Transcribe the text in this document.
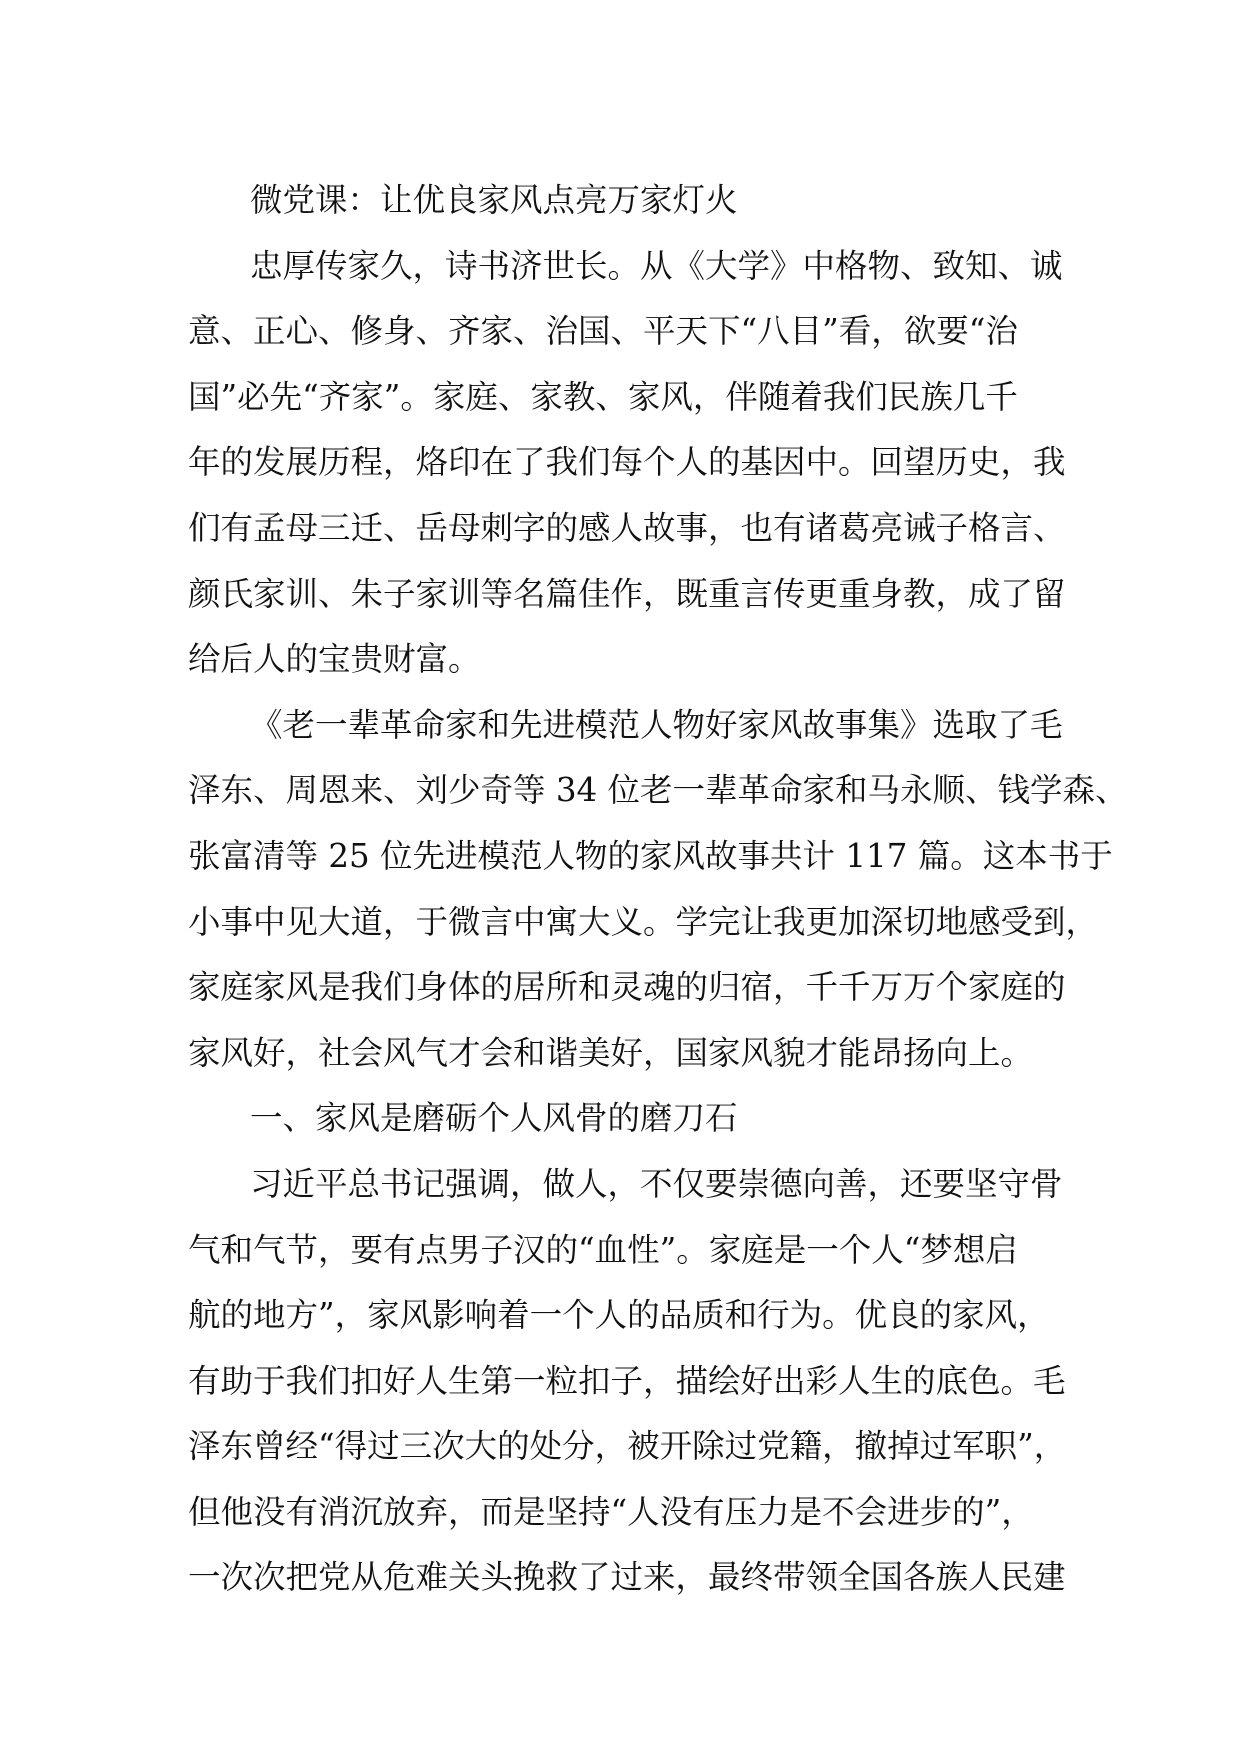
微党课：让优良家风点亮万家灯火
忠厚传家久，诗书济世长。从《大学》中格物、致知、诚
意、正心、修身、齐家、治国、平天下“八目”看，欲要“治
国”必先“齐家”。家庭、家教、家风，伴随着我们民族几千
年的发展历程，烙印在了我们每个人的基因中。回望历史，我
们有孟母三迁、岳母刺字的感人故事，也有诸葛亮诫子格言、
颜氏家训、朱子家训等名篇佳作，既重言传更重身教，成了留
给后人的宝贵财富。
《老一辈革命家和先进模范人物好家风故事集》选取了毛
泽东、周恩来、刘少奇等 34 位老一辈革命家和马永顺、钱学森、
张富清等 25 位先进模范人物的家风故事共计 117 篇。这本书于
小事中见大道，于微言中寓大义。学完让我更加深切地感受到，
家庭家风是我们身体的居所和灵魂的归宿，千千万万个家庭的
家风好，社会风气才会和谐美好，国家风貌才能昂扬向上。
一、家风是磨砺个人风骨的磨刀石
习近平总书记强调，做人，不仅要崇德向善，还要坚守骨
气和气节，要有点男子汉的“血性”。家庭是一个人“梦想启
航的地方”，家风影响着一个人的品质和行为。优良的家风，
有助于我们扣好人生第一粒扣子，描绘好出彩人生的底色。毛
泽东曾经“得过三次大的处分，被开除过党籍，撤掉过军职”，
但他没有消沉放弃，而是坚持“人没有压力是不会进步的”，
一次次把党从危难关头挽救了过来，最终带领全国各族人民建
